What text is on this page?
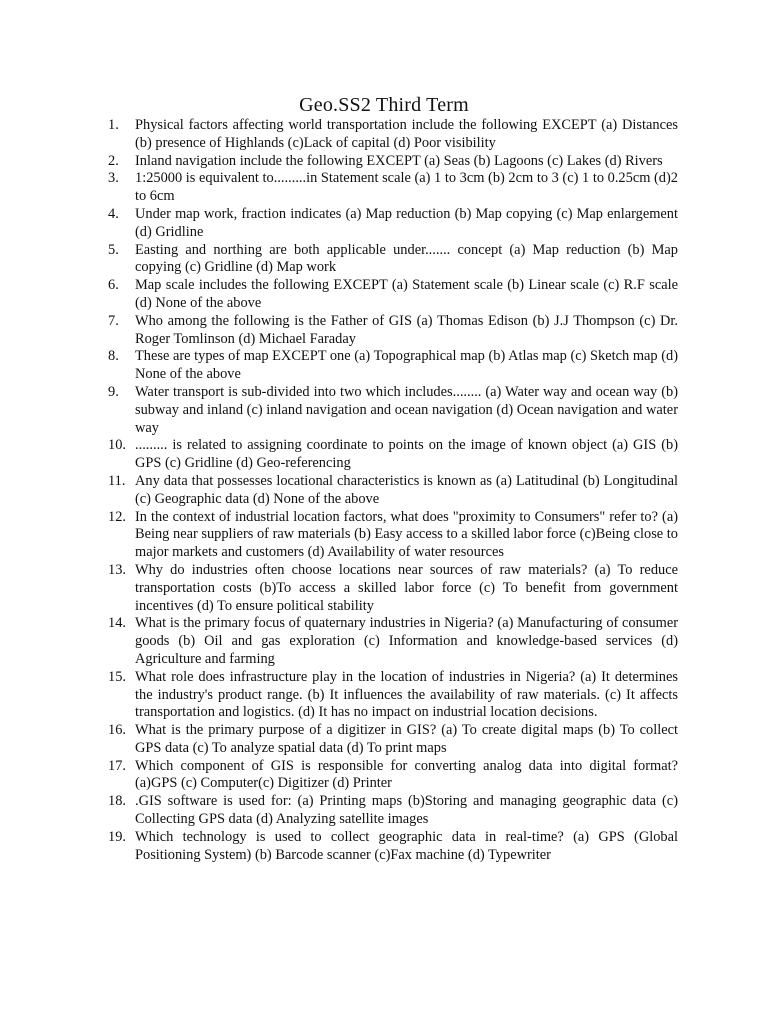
Geo.SS2 Third Term
1.	Physical factors affecting world transportation include the following EXCEPT (a) Distances (b) presence of Highlands (c)Lack of capital (d) Poor visibility
2.	Inland navigation include the following EXCEPT (a) Seas (b) Lagoons (c) Lakes (d) Rivers
3.	1:25000 is equivalent to.........in Statement scale (a) 1 to 3cm (b) 2cm to 3 (c) 1 to 0.25cm (d)2 to 6cm
4.	Under map work, fraction indicates (a) Map reduction (b) Map copying (c) Map enlargement (d) Gridline
5.	Easting and northing are both applicable under....... concept (a) Map reduction (b) Map copying (c) Gridline (d) Map work
6.	Map scale includes the following EXCEPT (a) Statement scale (b) Linear scale (c) R.F scale (d) None of the above
7.	Who among the following is the Father of GIS (a) Thomas Edison (b) J.J Thompson (c) Dr. Roger Tomlinson (d) Michael Faraday
8.	These are types of map EXCEPT one (a) Topographical map (b) Atlas map (c) Sketch map (d) None of the above
9.	Water transport is sub-divided into two which includes........ (a) Water way and ocean way (b) subway and inland (c) inland navigation and ocean navigation (d) Ocean navigation and water way
10. ......... is related to assigning coordinate to points on the image of known object (a) GIS (b) GPS (c) Gridline (d) Geo-referencing
11. Any data that possesses locational characteristics is known as (a) Latitudinal (b) Longitudinal (c) Geographic data (d) None of the above
12. In the context of industrial location factors, what does "proximity to Consumers" refer to? (a) Being near suppliers of raw materials (b) Easy access to a skilled labor force (c)Being close to major markets and customers (d) Availability of water resources
13. Why do industries often choose locations near sources of raw materials? (a) To reduce transportation costs (b)To access a skilled labor force (c) To benefit from government incentives (d) To ensure political stability
14. What is the primary focus of quaternary industries in Nigeria? (a) Manufacturing of consumer goods (b) Oil and gas exploration (c) Information and knowledge-based services (d) Agriculture and farming
15. What role does infrastructure play in the location of industries in Nigeria? (a) It determines the industry's product range. (b) It influences the availability of raw materials. (c) It affects transportation and logistics. (d) It has no impact on industrial location decisions.
16. What is the primary purpose of a digitizer in GIS? (a) To create digital maps (b) To collect GPS data (c) To analyze spatial data (d) To print maps
17. Which component of GIS is responsible for converting analog data into digital format? (a)GPS (c) Computer(c) Digitizer (d) Printer
18. .GIS software is used for: (a) Printing maps (b)Storing and managing geographic data (c) Collecting GPS data (d) Analyzing satellite images
19. Which technology is used to collect geographic data in real-time? (a) GPS (Global Positioning System) (b) Barcode scanner (c)Fax machine (d) Typewriter
